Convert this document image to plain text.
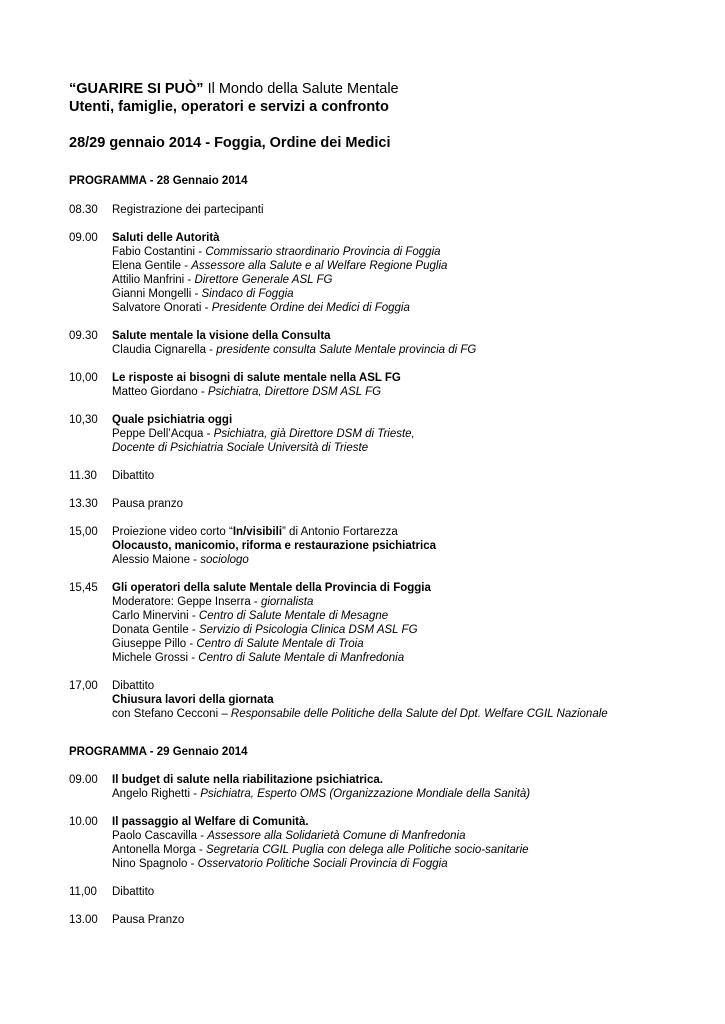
“GUARIRE SI PUÒ” Il Mondo della Salute Mentale

Utenti, famiglie, operatori e servizi a confronto

28/29 gennaio 2014 - Foggia, Ordine dei Medici

PROGRAMMA - 28 Gennaio 2014

08.30	Registrazione dei partecipanti
09.00	Saluti delle Autorità
Fabio Costantini - Commissario straordinario Provincia di Foggia
Elena Gentile - Assessore alla Salute e al Welfare Regione Puglia
Attilio Manfrini - Direttore Generale ASL FG
Gianni Mongelli - Sindaco di Foggia
Salvatore Onorati - Presidente Ordine dei Medici di Foggia
09.30	Salute mentale la visione della Consulta
Claudia Cignarella - presidente consulta Salute Mentale provincia di FG
10,00	Le risposte ai bisogni di salute mentale nella ASL FG
Matteo Giordano - Psichiatra, Direttore DSM ASL FG
10,30	Quale psichiatria oggi
Peppe Dell’Acqua - Psichiatra, già Direttore DSM di Trieste,
Docente di Psichiatria Sociale Università di Trieste
11.30	Dibattito
13.30	Pausa pranzo
15,00	Proiezione video corto “In/visibili” di Antonio Fortarezza
Olocausto, manicomio, riforma e restaurazione psichiatrica
Alessio Maione - sociologo
15,45	Gli operatori della salute Mentale della Provincia di Foggia
Moderatore: Geppe Inserra - giornalista
Carlo Minervini - Centro di Salute Mentale di Mesagne
Donata Gentile - Servizio di Psicologia Clinica DSM ASL FG
Giuseppe Pillo - Centro di Salute Mentale di Troia
Michele Grossi - Centro di Salute Mentale di Manfredonia
17,00	Dibattito
Chiusura lavori della giornata
con Stefano Cecconi – Responsabile delle Politiche della Salute del Dpt. Welfare CGIL Nazionale

PROGRAMMA - 29 Gennaio 2014

09.00	Il budget di salute nella riabilitazione psichiatrica.
Angelo Righetti - Psichiatra, Esperto OMS (Organizzazione Mondiale della Sanità)
10.00	Il passaggio al Welfare di Comunità.
Paolo Cascavilla - Assessore alla Solidarietà Comune di Manfredonia
Antonella Morga - Segretaria CGIL Puglia con delega alle Politiche socio-sanitarie
Nino Spagnolo - Osservatorio Politiche Sociali Provincia di Foggia
11,00	Dibattito
13.00	Pausa Pranzo
